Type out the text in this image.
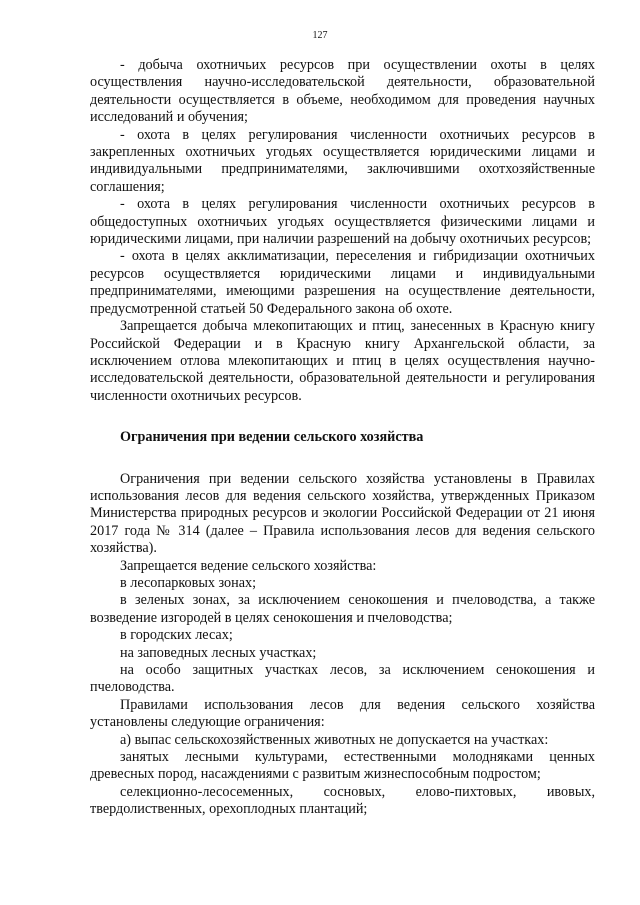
127

- добыча охотничьих ресурсов при осуществлении охоты в целях осуществления научно-исследовательской деятельности, образовательной деятельности осуществляется в объеме, необходимом для проведения научных исследований и обучения;

- охота в целях регулирования численности охотничьих ресурсов в закрепленных охотничьих угодьях осуществляется юридическими лицами и индивидуальными предпринимателями, заключившими охотхозяйственные соглашения;

- охота в целях регулирования численности охотничьих ресурсов в общедоступных охотничьих угодьях осуществляется физическими лицами и юридическими лицами, при наличии разрешений на добычу охотничьих ресурсов;

- охота в целях акклиматизации, переселения и гибридизации охотничьих ресурсов осуществляется юридическими лицами и индивидуальными предпринимателями, имеющими разрешения на осуществление деятельности, предусмотренной статьей 50 Федерального закона об охоте.

Запрещается добыча млекопитающих и птиц, занесенных в Красную книгу Российской Федерации и в Красную книгу Архангельской области, за исключением отлова млекопитающих и птиц в целях осуществления научно-исследовательской деятельности, образовательной деятельности и регулирования численности охотничьих ресурсов.

Ограничения при ведении сельского хозяйства

Ограничения при ведении сельского хозяйства установлены в Правилах использования лесов для ведения сельского хозяйства, утвержденных Приказом Министерства природных ресурсов и экологии Российской Федерации от 21 июня 2017 года № 314 (далее – Правила использования лесов для ведения сельского хозяйства).

Запрещается ведение сельского хозяйства:

в лесопарковых зонах;

в зеленых зонах, за исключением сенокошения и пчеловодства, а также возведение изгородей в целях сенокошения и пчеловодства;

в городских лесах;

на заповедных лесных участках;

на особо защитных участках лесов, за исключением сенокошения и пчеловодства.

Правилами использования лесов для ведения сельского хозяйства установлены следующие ограничения:

а) выпас сельскохозяйственных животных не допускается на участках:

занятых лесными культурами, естественными молодняками ценных древесных пород, насаждениями с развитым жизнеспособным подростом;

селекционно-лесосеменных, сосновых, елово-пихтовых, ивовых, твердолиственных, орехоплодных плантаций;
